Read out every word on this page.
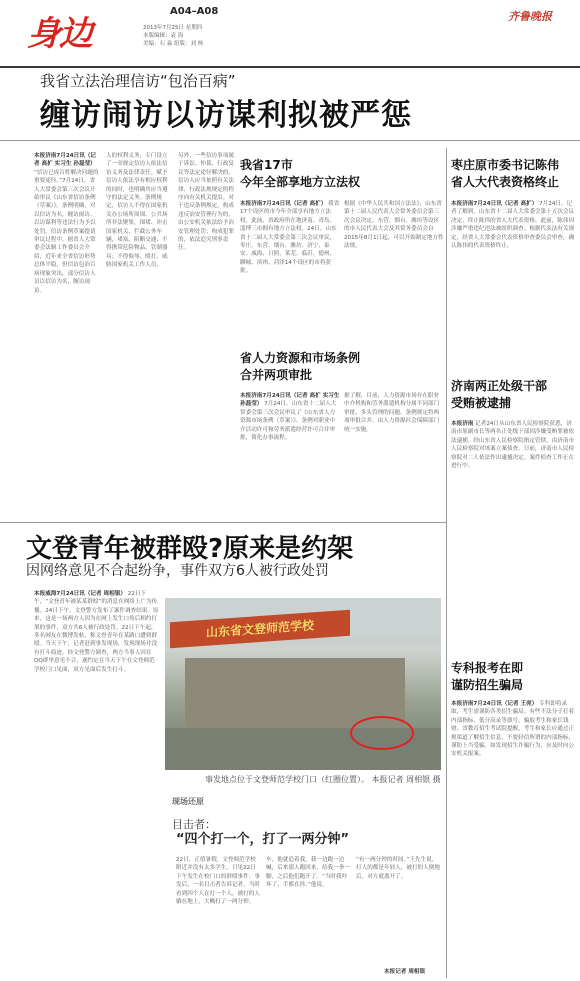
身边
A04–A08
2013年7月25日 星期四
本版编辑：袁 海
美编：石 淼 组版：刘 杨
齐鲁晚报
我省立法治理信访“包治百病”
缠访闹访以访谋利拟被严惩
本报济南7月24日讯（记者 高扩 实习生 孙磊莹） “信访已成百姓解决问题的重要途径。”7月24日，省人大常委会第三次会议开始审议《山东省信访条例（草案）》。条例明确，对以信访为名，缠访闹访、以访谋利等违法行为予以处罚。信访条例草案提请审议过程中，据省人大常委会法制工作委员会介绍，近年来全省信访形势总体平稳，但信访包治百病现象突出，部分信访人员以信访为名，缠访闹访。
人的权利义务，专门设立了一章规定信访人依法信访义务及法律责任。赋予信访人依法享有相应权利的同时，也明确其应当遵守的法定义务。条例规定，信访人不得在国家机关办公场所周围、公共场所非法聚集，围堵、冲击国家机关，拦截公务车辆，堵塞、阻断交通；不得携带危险物品、管制器具；不得侮辱、殴打、威胁国家机关工作人员。
另外，一些信访事项属于诉讼、仲裁、行政复议等法定途径解决的，信访人应当依照有关法律、行政法规规定的程序向有关机关提出。对于违反条例规定，构成违反治安管理行为的，由公安机关依法给予治安管理处罚；构成犯罪的，依法追究刑事责任。
我省17市
今年全部享地方立法权
本报济南7月24日讯（记者 高扩） 我省17个设区的市今年全部享有地方立法权。此前，省政府所在地济南、青岛、淄博三市拥有地方立法权。24日，山东省十二届人大常委会第三次会议审议，枣庄、东营、烟台、潍坊、济宁、泰安、威海、日照、莱芜、临沂、德州、聊城、滨州、菏泽14个设区的市将获批。
根据《中华人民共和国立法法》，山东省第十二届人民代表大会常务委员会第三次会议决定，东营、烟台、潍坊等设区的市人民代表大会及其常务委员会自2015年8月1日起，可以开始制定地方性法规。
省人力资源和市场条例
合并两项审批
本报济南7月24日讯（记者 高扩 实习生 孙磊莹） 7月24日，山东省十二届人大常委会第三次会议审议了《山东省人力资源市场条例（草案）》。条例对职业中介活动许可和劳务派遣经营许可合并审批，简化办事流程。
据了解，目前，人力资源市场存在职业中介机构和劳务派遣机构分属不同部门审批、多头管理的问题。条例规定将两项审批合并，由人力资源社会保障部门统一实施。
枣庄原市委书记陈伟
省人大代表资格终止
本报济南7月24日讯（记者 高扩） 7月24日，记者了解到，山东省十二届人大常委会第十五次会议决定，终止陈伟的省人大代表资格。此前，陈伟因涉嫌严重违纪违法被组织调查。根据代表法有关规定，经省人大常委会代表资格审查委员会审查，确认陈伟的代表资格终止。
济南两正处级干部
受贿被逮捕
本报济南 记者24日从山东省人民检察院获悉，济南市原副市长等两名正处级干部因涉嫌受贿罪被依法逮捕。经山东省人民检察院指定管辖，由济南市人民检察院对该案立案侦查。日前，济南市人民检察院对二人依法作出逮捕决定。案件侦查工作正在进行中。
专科报考在即
谨防招生骗局
本报济南7月24日讯（记者 王亮） 专科即将录取，考生需谨防各类招生骗局。有些不法分子打着内部指标、低分高录等旗号，骗取考生和家长钱财。省教育招生考试院提醒，考生和家长应通过正规渠道了解招生信息，不要轻信所谓的内部指标，谨防上当受骗。如发现招生诈骗行为，应及时向公安机关报案。
文登青年被群殴?原来是约架
因网络意见不合起纷争，事件双方6人被行政处罚
本报威海7月24日讯（记者 周相银） 22日下午，“文登青年被某某群殴”的消息在网络上广为传播。24日下午，文登警方发布了案件调查结果。原来，这是一场两方人因为在网上发生口角后相约打架的事件，双方共6人被行政处罚。22日下午起，多名网友在微博发帖，称文登青年在某路口遭到群殴。当天下午，记者赶到事发现场，发现现场并没有打斗痕迹。经文登警方调查，两方当事人因在QQ群里意见不合，遂约定在当天下午在文登师范学校门口见面，双方见面后发生打斗。
山东省文登师范学校
事发地点位于文登师范学校门口（红圈位置）。 本报记者 周相银 摄
现场还原
目击者：
“四个打一个，打了一两分钟”
22日，正值暑假，文登师范学校附近并没有太多学生，只见22日下午发生在校门口的群殴事件。事发后，一名目击者告诉记者，当时看到四个人在打一个人，被打的人躺在地上，大概打了一两分钟。
车，他就追着我，我一边跑一边喊，后来那人跑回来，给我一拳一脚，之后他们跑开了。“当时我吓坏了，手都在抖。”他说。
“有一两分钟的时间。”王先生说，打人的都是年轻人，被打的人倒地后，对方就离开了。
本报记者 周相银
